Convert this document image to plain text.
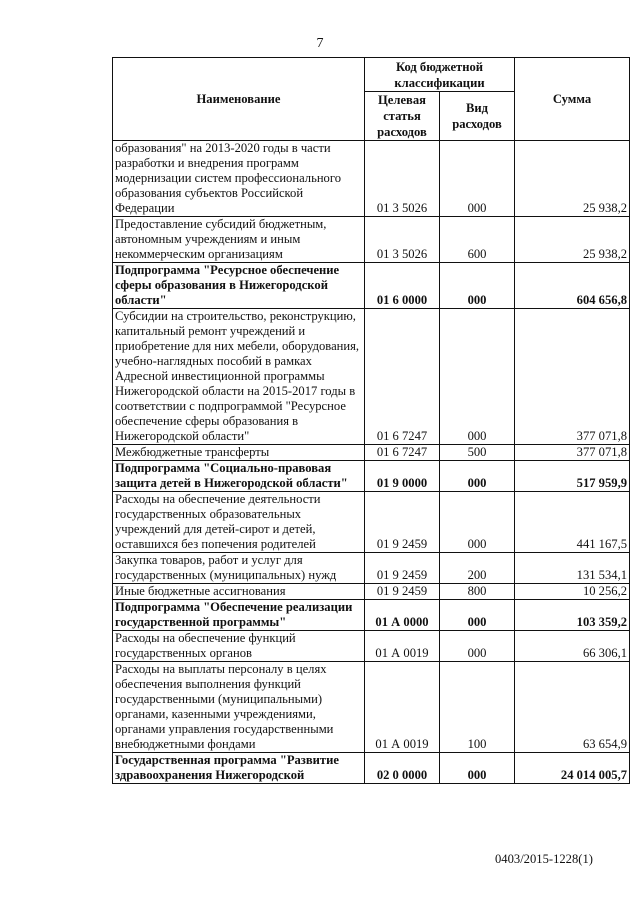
7
Наименование	Код бюджетной классификации		Сумма
	Целевая статья расходов	Вид расходов	
образования" на 2013-2020 годы в части разработки и внедрения программ модернизации систем профессионального образования субъектов Российской Федерации	01 3 5026	000	25 938,2
Предоставление субсидий бюджетным, автономным учреждениям и иным некоммерческим организациям	01 3 5026	600	25 938,2
Подпрограмма "Ресурсное обеспечение сферы образования в Нижегородской области"	01 6 0000	000	604 656,8
Субсидии на строительство, реконструкцию, капитальный ремонт учреждений и приобретение для них мебели, оборудования, учебно-наглядных пособий в рамках Адресной инвестиционной программы Нижегородской области на 2015-2017 годы в соответствии с подпрограммой "Ресурсное обеспечение сферы образования в Нижегородской области"	01 6 7247	000	377 071,8
Межбюджетные трансферты	01 6 7247	500	377 071,8
Подпрограмма "Социально-правовая защита детей в Нижегородской области"	01 9 0000	000	517 959,9
Расходы на обеспечение деятельности государственных образовательных учреждений для детей-сирот и детей, оставшихся без попечения родителей	01 9 2459	000	441 167,5
Закупка товаров, работ и услуг для государственных (муниципальных) нужд	01 9 2459	200	131 534,1
Иные бюджетные ассигнования	01 9 2459	800	10 256,2
Подпрограмма "Обеспечение реализации государственной программы"	01 А 0000	000	103 359,2
Расходы на обеспечение функций государственных органов	01 А 0019	000	66 306,1
Расходы на выплаты персоналу в целях обеспечения выполнения функций государственными (муниципальными) органами, казенными учреждениями, органами управления государственными внебюджетными фондами	01 А 0019	100	63 654,9
Государственная программа "Развитие здравоохранения Нижегородской	02 0 0000	000	24 014 005,7
0403/2015-1228(1)
